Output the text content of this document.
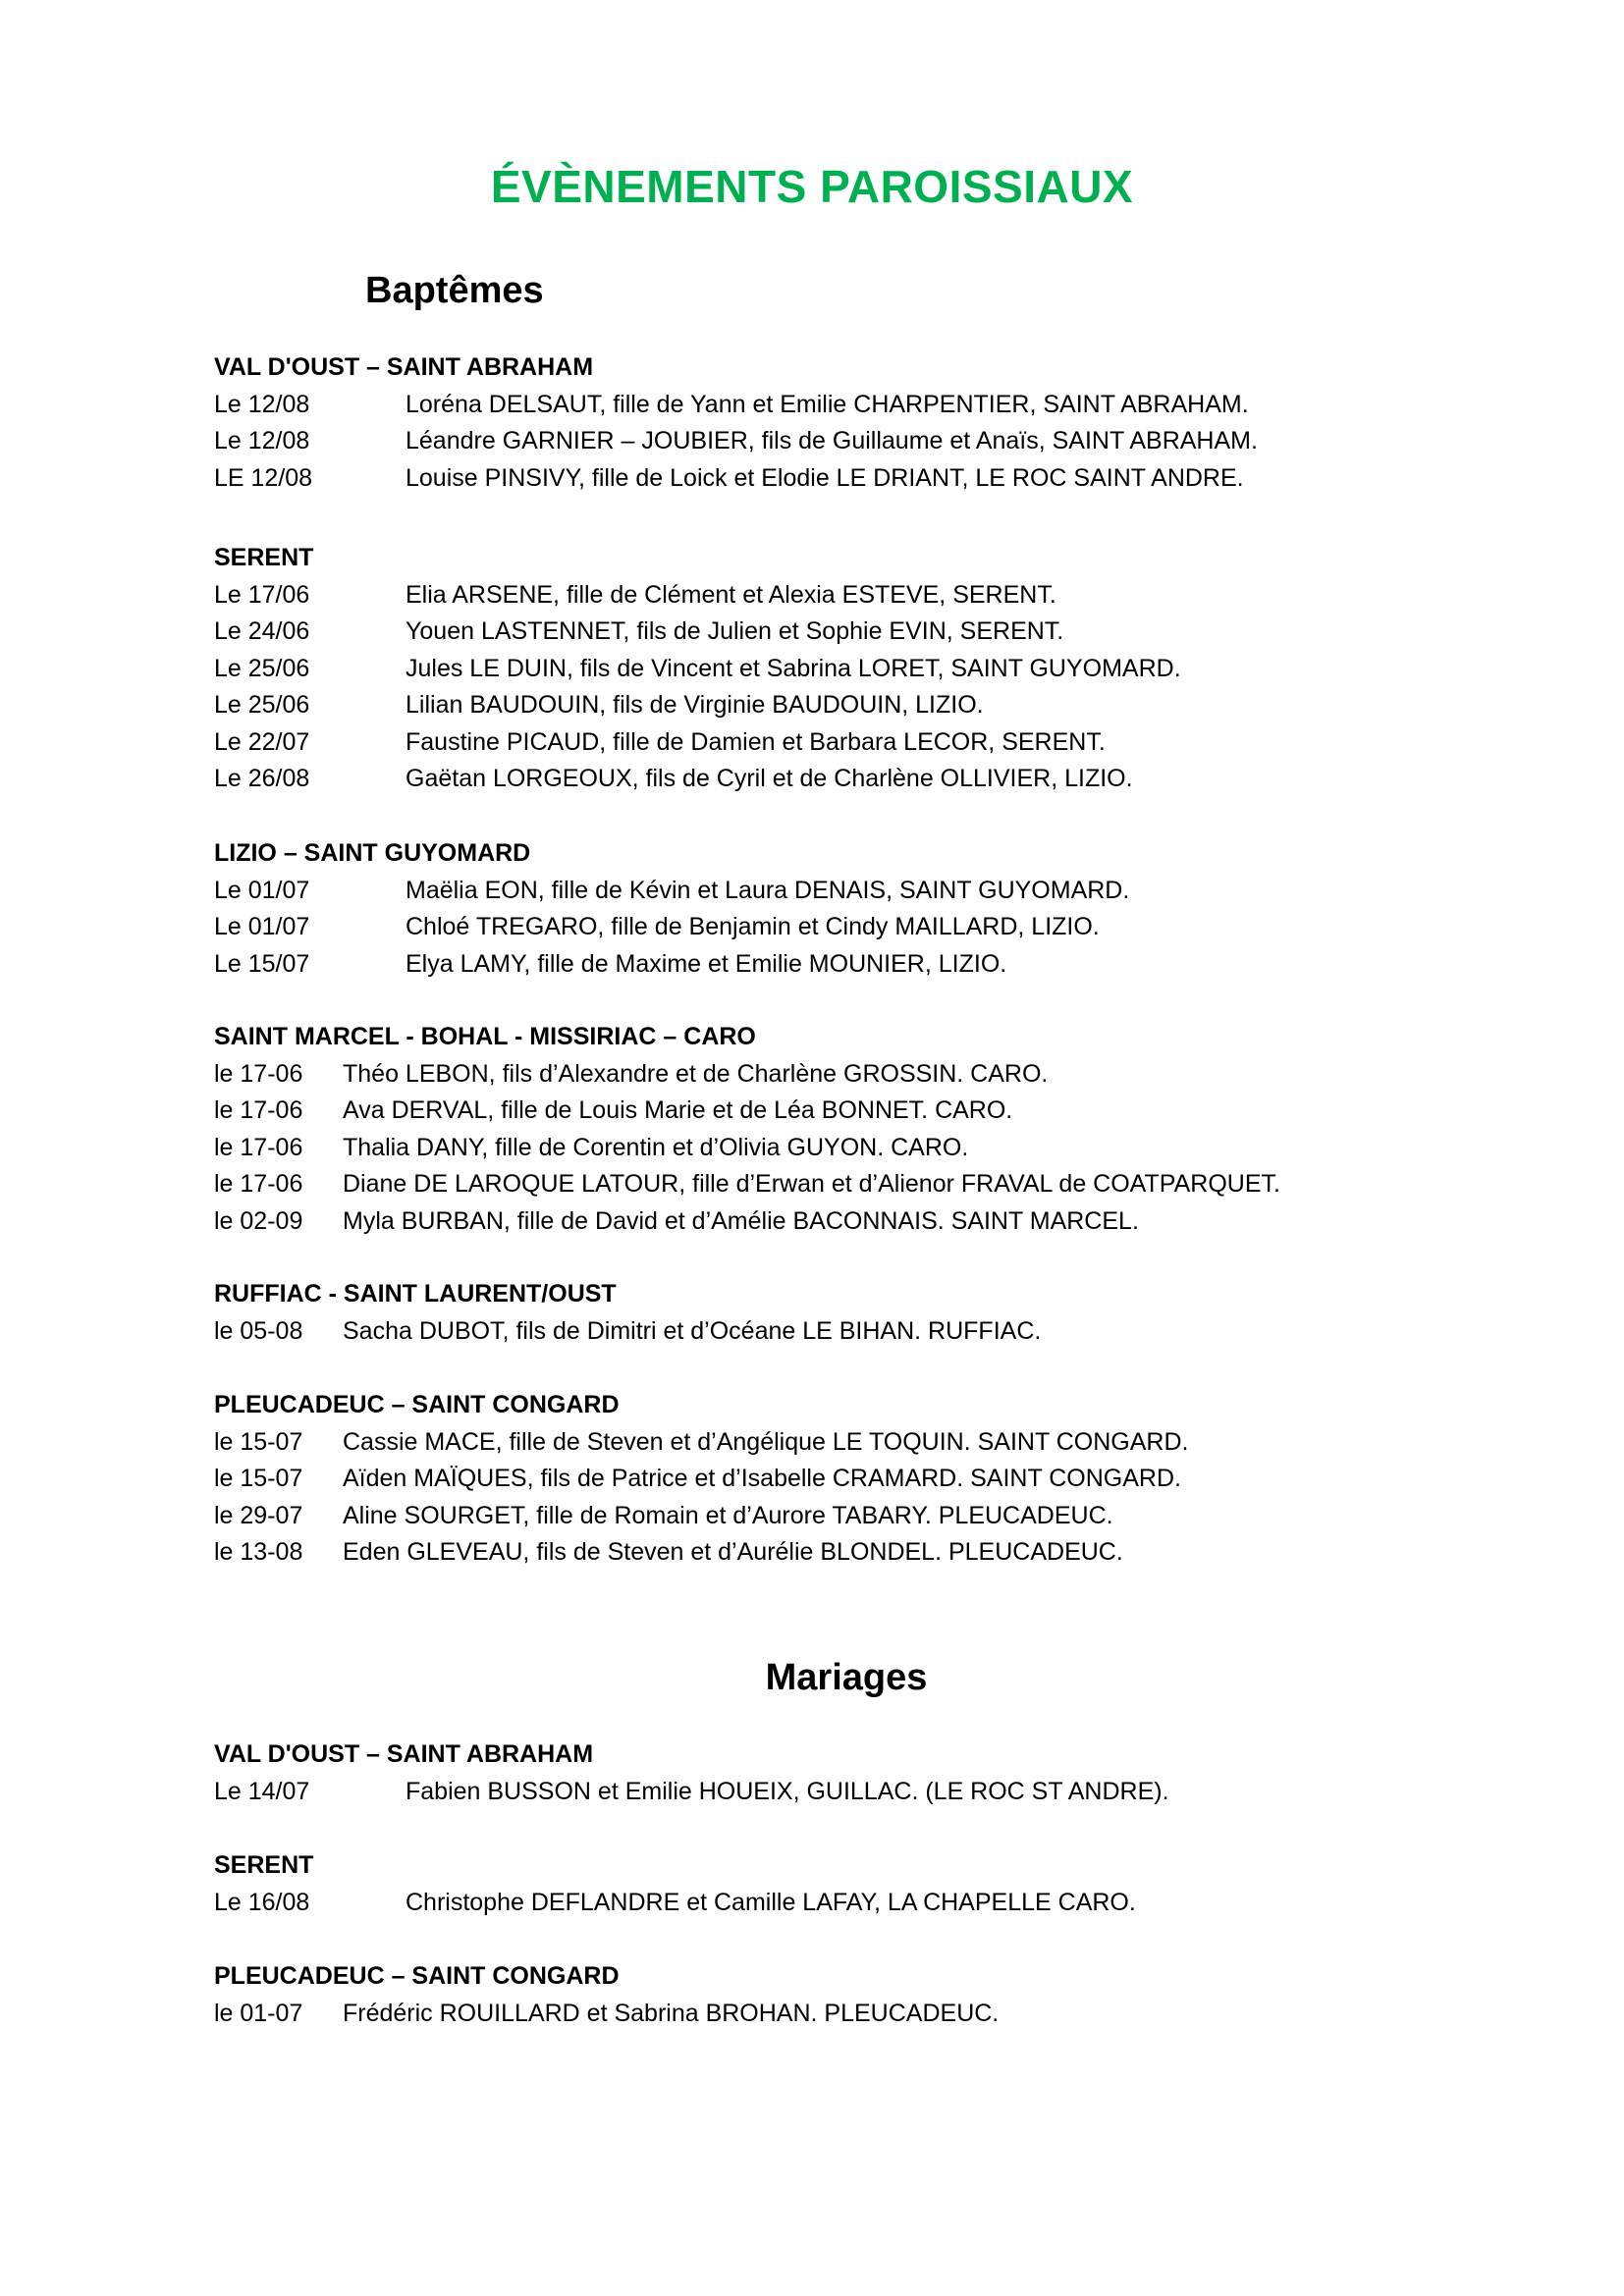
ÉVÈNEMENTS PAROISSIAUX
Baptêmes
VAL D'OUST – SAINT ABRAHAM
Le 12/08	Loréna DELSAUT, fille de Yann et Emilie CHARPENTIER, SAINT ABRAHAM.
Le 12/08	Léandre GARNIER – JOUBIER, fils de Guillaume et Anaïs, SAINT ABRAHAM.
LE 12/08	Louise PINSIVY, fille de Loick et Elodie LE DRIANT, LE ROC SAINT ANDRE.
SERENT
Le 17/06	Elia ARSENE, fille de Clément et Alexia ESTEVE, SERENT.
Le 24/06	Youen LASTENNET, fils de Julien et Sophie EVIN, SERENT.
Le 25/06	Jules LE DUIN, fils de Vincent et Sabrina LORET, SAINT GUYOMARD.
Le 25/06	Lilian BAUDOUIN, fils de Virginie BAUDOUIN, LIZIO.
Le 22/07	Faustine PICAUD, fille de Damien et Barbara LECOR, SERENT.
Le 26/08	Gaëtan LORGEOUX, fils de Cyril et de Charlène OLLIVIER, LIZIO.
LIZIO – SAINT GUYOMARD
Le 01/07	Maëlia EON, fille de Kévin et Laura DENAIS, SAINT GUYOMARD.
Le 01/07	Chloé TREGARO, fille de Benjamin et Cindy MAILLARD, LIZIO.
Le 15/07	Elya LAMY, fille de Maxime et Emilie MOUNIER, LIZIO.
SAINT MARCEL - BOHAL - MISSIRIAC – CARO
le 17-06 Théo LEBON, fils d’Alexandre et de Charlène GROSSIN. CARO.
le 17-06 Ava DERVAL, fille de Louis Marie et de Léa BONNET. CARO.
le 17-06 Thalia DANY, fille de Corentin et d’Olivia GUYON. CARO.
le 17-06 Diane DE LAROQUE LATOUR, fille d’Erwan et d’Alienor FRAVAL de COATPARQUET.
le 02-09 Myla BURBAN, fille de David et d’Amélie BACONNAIS. SAINT MARCEL.
RUFFIAC - SAINT LAURENT/OUST
le 05-08 Sacha DUBOT, fils de Dimitri et d’Océane LE BIHAN. RUFFIAC.
PLEUCADEUC – SAINT CONGARD
le 15-07 Cassie MACE, fille de Steven et d’Angélique LE TOQUIN. SAINT CONGARD.
le 15-07 Aïden MAÏQUES, fils de Patrice et d’Isabelle CRAMARD. SAINT CONGARD.
le 29-07 Aline SOURGET, fille de Romain et d’Aurore TABARY. PLEUCADEUC.
le 13-08 Eden GLEVEAU, fils de Steven et d’Aurélie BLONDEL. PLEUCADEUC.
Mariages
VAL D'OUST – SAINT ABRAHAM
Le 14/07	Fabien BUSSON et Emilie HOUEIX, GUILLAC. (LE ROC ST ANDRE).
SERENT
Le 16/08	Christophe DEFLANDRE et Camille LAFAY, LA CHAPELLE CARO.
PLEUCADEUC – SAINT CONGARD
le 01-07 Frédéric ROUILLARD et Sabrina BROHAN. PLEUCADEUC.
